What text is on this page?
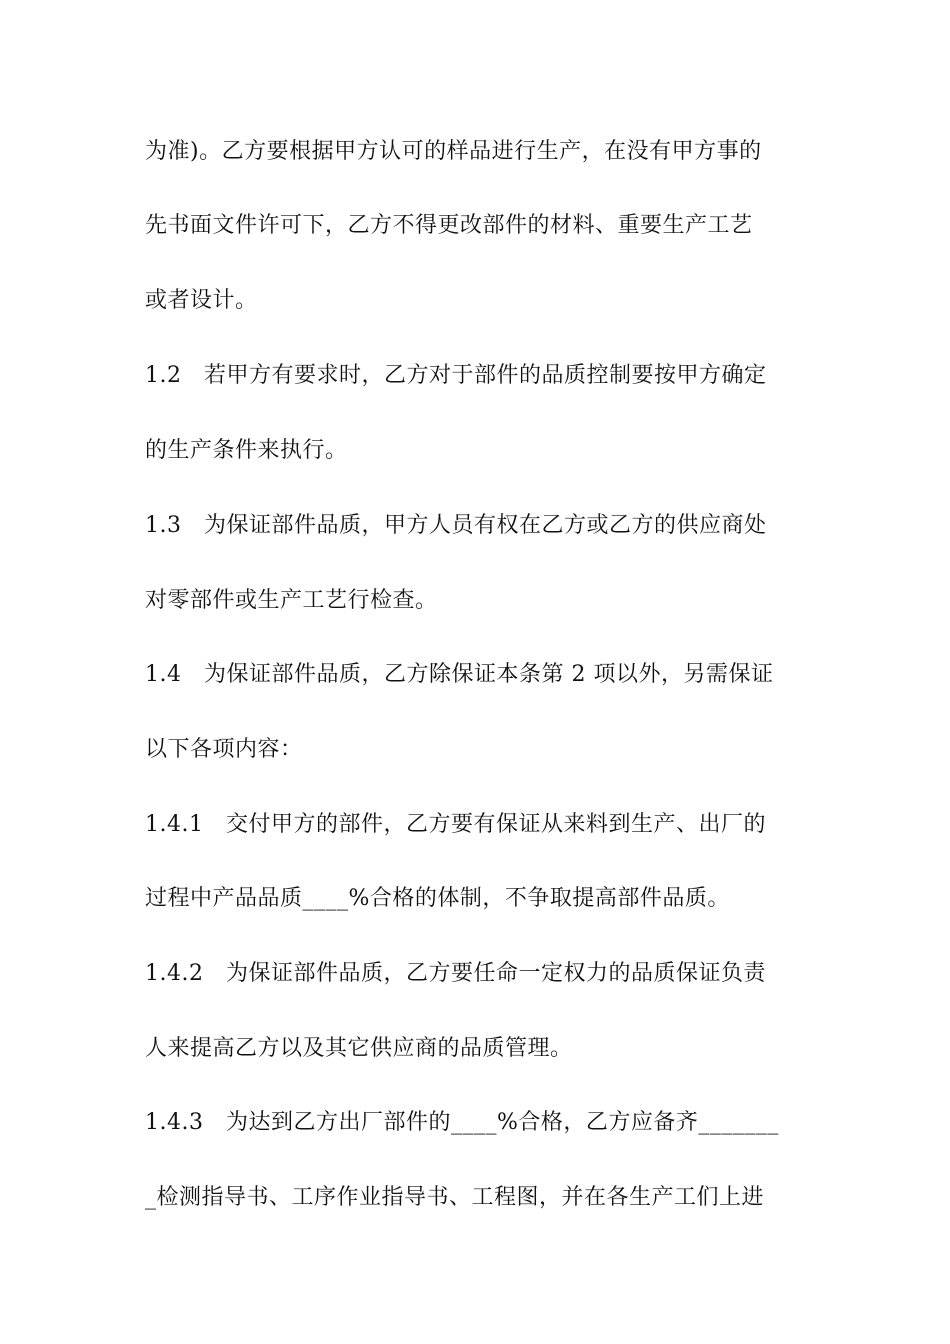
为准)。乙方要根据甲方认可的样品进行生产，在没有甲方事的
先书面文件许可下，乙方不得更改部件的材料、重要生产工艺
或者设计。
1.2　若甲方有要求时，乙方对于部件的品质控制要按甲方确定
的生产条件来执行。
1.3　为保证部件品质，甲方人员有权在乙方或乙方的供应商处
对零部件或生产工艺行检查。
1.4　为保证部件品质，乙方除保证本条第 2 项以外，另需保证
以下各项内容：
1.4.1　交付甲方的部件，乙方要有保证从来料到生产、出厂的
过程中产品品质____%合格的体制，不争取提高部件品质。
1.4.2　为保证部件品质，乙方要任命一定权力的品质保证负责
人来提高乙方以及其它供应商的品质管理。
1.4.3　为达到乙方出厂部件的____%合格，乙方应备齐_______
_检测指导书、工序作业指导书、工程图，并在各生产工们上进
